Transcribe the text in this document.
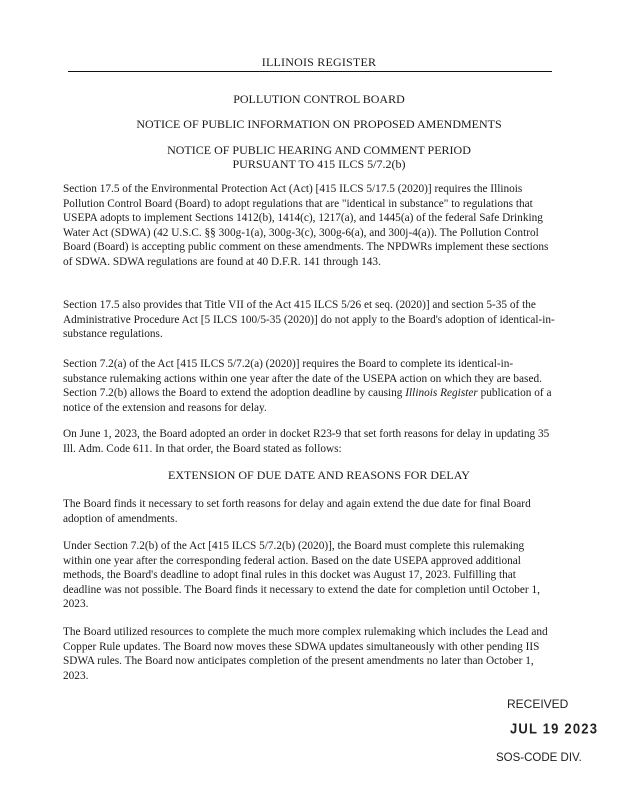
ILLINOIS REGISTER
POLLUTION CONTROL BOARD
NOTICE OF PUBLIC INFORMATION ON PROPOSED AMENDMENTS
NOTICE OF PUBLIC HEARING AND COMMENT PERIOD
PURSUANT TO 415 ILCS 5/7.2(b)
Section 17.5 of the Environmental Protection Act (Act) [415 ILCS 5/17.5 (2020)] requires the Illinois Pollution Control Board (Board) to adopt regulations that are "identical in substance" to regulations that USEPA adopts to implement Sections 1412(b), 1414(c), 1217(a), and 1445(a) of the federal Safe Drinking Water Act (SDWA) (42 U.S.C. §§ 300g-1(a), 300g-3(c), 300g-6(a), and 300j-4(a)). The Pollution Control Board (Board) is accepting public comment on these amendments. The NPDWRs implement these sections of SDWA. SDWA regulations are found at 40 D.F.R. 141 through 143.
Section 17.5 also provides that Title VII of the Act 415 ILCS 5/26 et seq. (2020)] and section 5-35 of the Administrative Procedure Act [5 ILCS 100/5-35 (2020)] do not apply to the Board's adoption of identical-in-substance regulations.
Section 7.2(a) of the Act [415 ILCS 5/7.2(a) (2020)] requires the Board to complete its identical-in-substance rulemaking actions within one year after the date of the USEPA action on which they are based. Section 7.2(b) allows the Board to extend the adoption deadline by causing Illinois Register publication of a notice of the extension and reasons for delay.
On June 1, 2023, the Board adopted an order in docket R23-9 that set forth reasons for delay in updating 35 Ill. Adm. Code 611. In that order, the Board stated as follows:
EXTENSION OF DUE DATE AND REASONS FOR DELAY
The Board finds it necessary to set forth reasons for delay and again extend the due date for final Board adoption of amendments.
Under Section 7.2(b) of the Act [415 ILCS 5/7.2(b) (2020)], the Board must complete this rulemaking within one year after the corresponding federal action. Based on the date USEPA approved additional methods, the Board's deadline to adopt final rules in this docket was August 17, 2023. Fulfilling that deadline was not possible. The Board finds it necessary to extend the date for completion until October 1, 2023.
The Board utilized resources to complete the much more complex rulemaking which includes the Lead and Copper Rule updates. The Board now moves these SDWA updates simultaneously with other pending IIS SDWA rules. The Board now anticipates completion of the present amendments no later than October 1, 2023.
RECEIVED
JUL 19 2023
SOS-CODE DIV.
